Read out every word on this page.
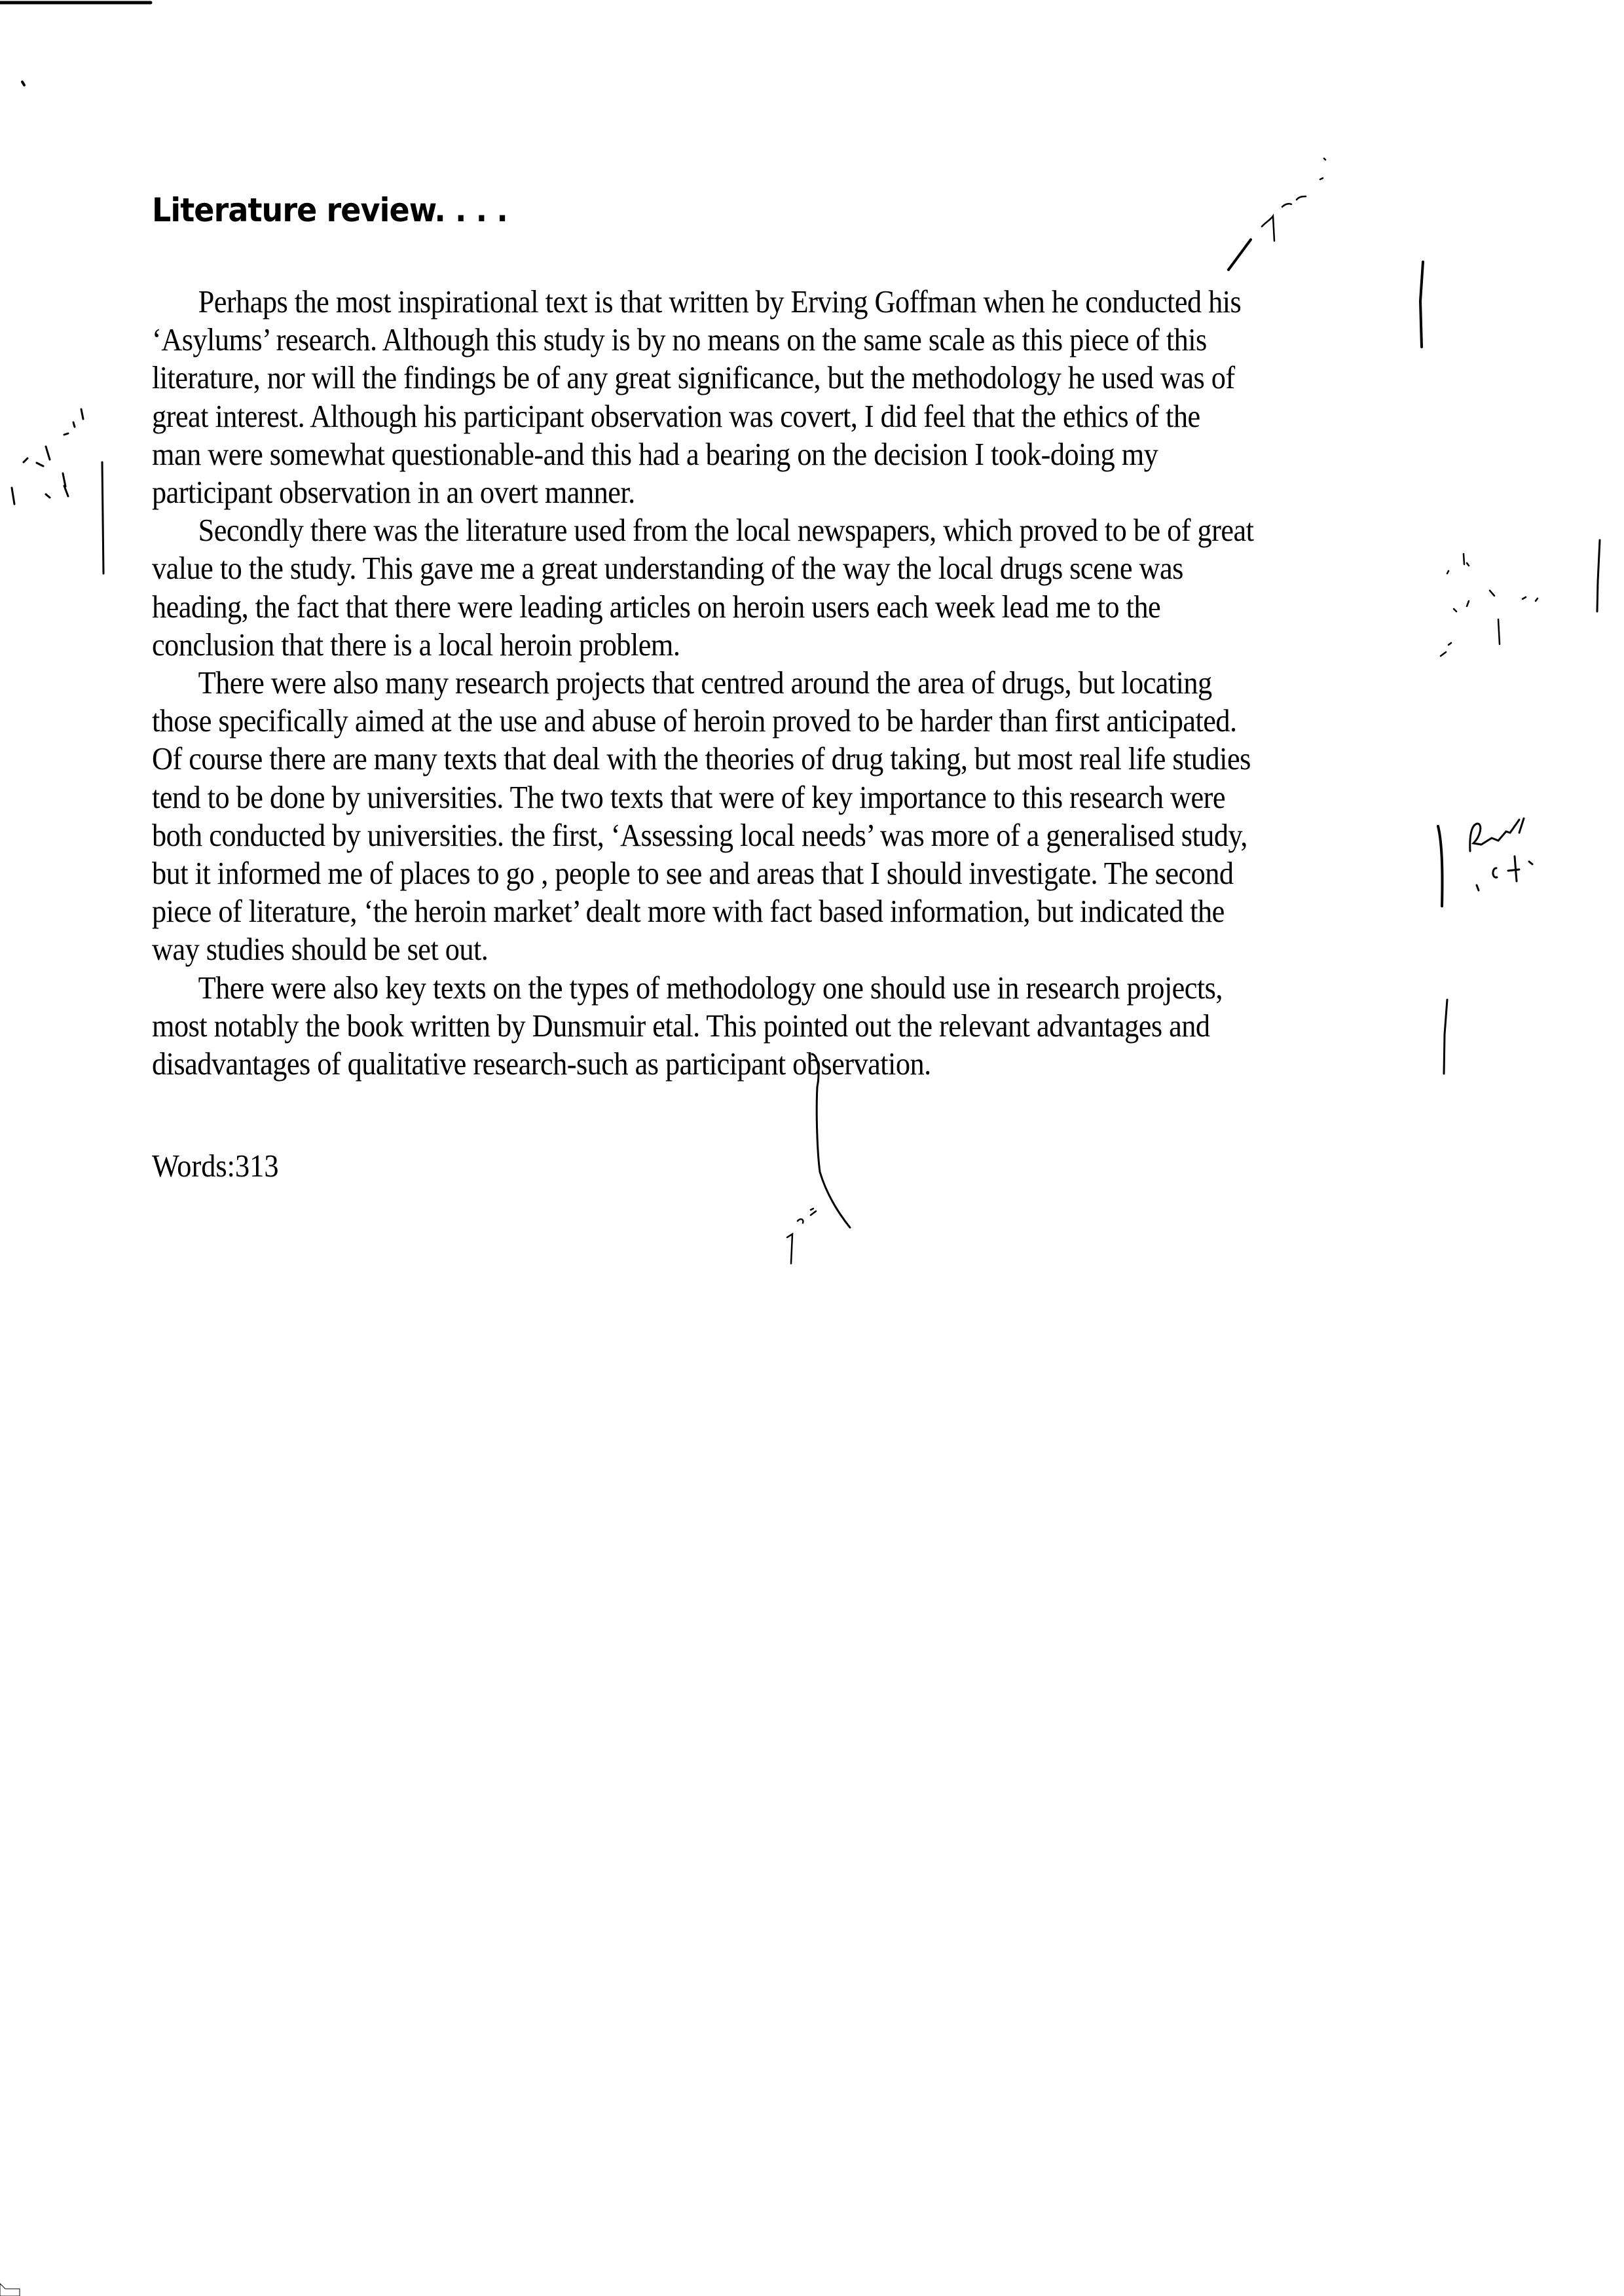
Literature review. . . .
Perhaps the most inspirational text is that written by Erving Goffman when he conducted his
‘Asylums’ research. Although this study is by no means on the same scale as this piece of this
literature, nor will the findings be of any great significance, but the methodology he used was of
great interest. Although his participant observation was covert, I did feel that the ethics of the
man were somewhat questionable-and this had a bearing on the decision I took-doing my
participant observation in an overt manner.
Secondly there was the literature used from the local newspapers, which proved to be of great
value to the study. This gave me a great understanding of the way the local drugs scene was
heading, the fact that there were leading articles on heroin users each week lead me to the
conclusion that there is a local heroin problem.
There were also many research projects that centred around the area of drugs, but locating
those specifically aimed at the use and abuse of heroin proved to be harder than first anticipated.
Of course there are many texts that deal with the theories of drug taking, but most real life studies
tend to be done by universities. The two texts that were of key importance to this research were
both conducted by universities. the first, ‘Assessing local needs’ was more of a generalised study,
but it informed me of places to go , people to see and areas that I should investigate. The second
piece of literature, ‘the heroin market’ dealt more with fact based information, but indicated the
way studies should be set out.
There were also key texts on the types of methodology one should use in research projects,
most notably the book written by Dunsmuir etal. This pointed out the relevant advantages and
disadvantages of qualitative research-such as participant observation.
Words:313
